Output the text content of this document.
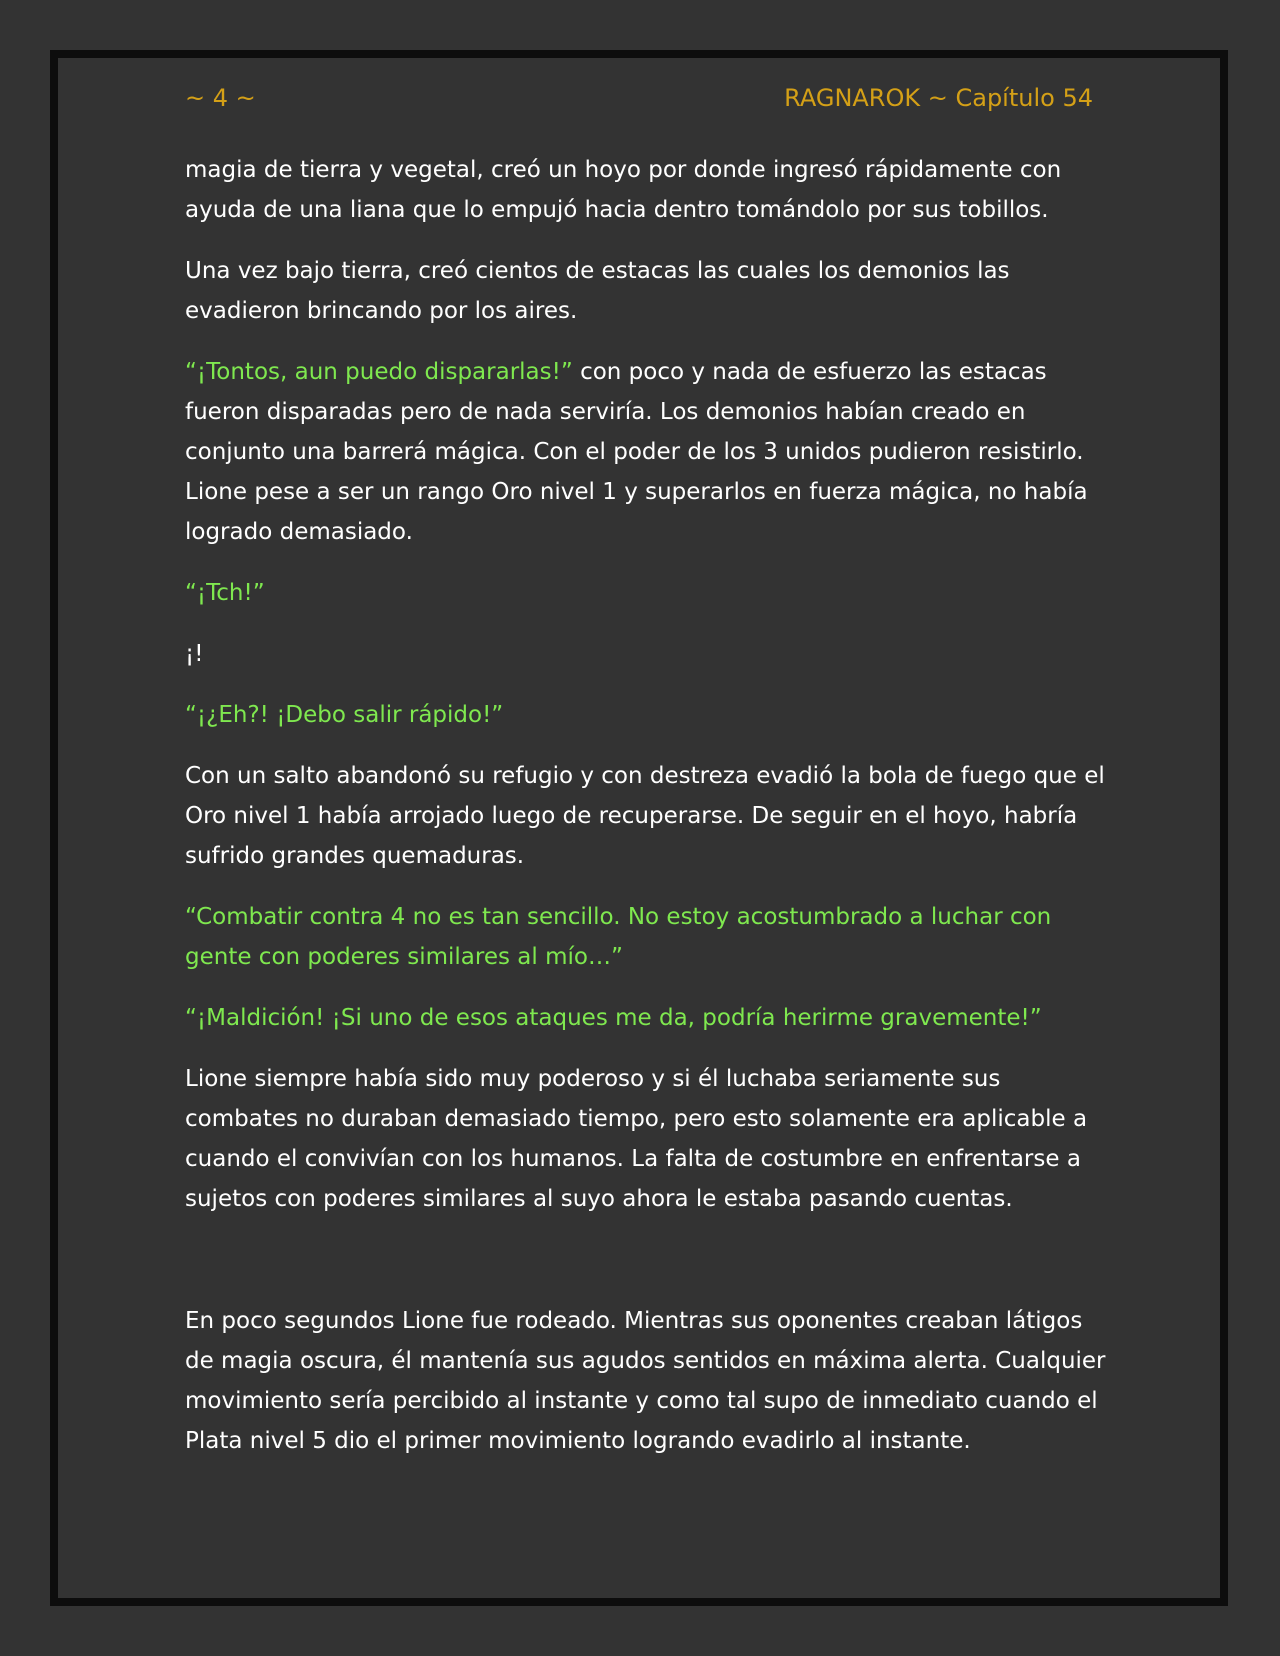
~ 4 ~	RAGNAROK ~ Capítulo 54

magia de tierra y vegetal, creó un hoyo por donde ingresó rápidamente con ayuda de una liana que lo empujó hacia dentro tomándolo por sus tobillos.

Una vez bajo tierra, creó cientos de estacas las cuales los demonios las evadieron brincando por los aires.

“¡Tontos, aun puedo dispararlas!” con poco y nada de esfuerzo las estacas fueron disparadas pero de nada serviría. Los demonios habían creado en conjunto una barrerá mágica. Con el poder de los 3 unidos pudieron resistirlo. Lione pese a ser un rango Oro nivel 1 y superarlos en fuerza mágica, no había logrado demasiado.

“¡Tch!”

¡!

“¡¿Eh?! ¡Debo salir rápido!”

Con un salto abandonó su refugio y con destreza evadió la bola de fuego que el Oro nivel 1 había arrojado luego de recuperarse. De seguir en el hoyo, habría sufrido grandes quemaduras.

“Combatir contra 4 no es tan sencillo. No estoy acostumbrado a luchar con gente con poderes similares al mío…”

“¡Maldición! ¡Si uno de esos ataques me da, podría herirme gravemente!”

Lione siempre había sido muy poderoso y si él luchaba seriamente sus combates no duraban demasiado tiempo, pero esto solamente era aplicable a cuando el convivían con los humanos. La falta de costumbre en enfrentarse a sujetos con poderes similares al suyo ahora le estaba pasando cuentas.

En poco segundos Lione fue rodeado. Mientras sus oponentes creaban látigos de magia oscura, él mantenía sus agudos sentidos en máxima alerta. Cualquier movimiento sería percibido al instante y como tal supo de inmediato cuando el Plata nivel 5 dio el primer movimiento logrando evadirlo al instante.
